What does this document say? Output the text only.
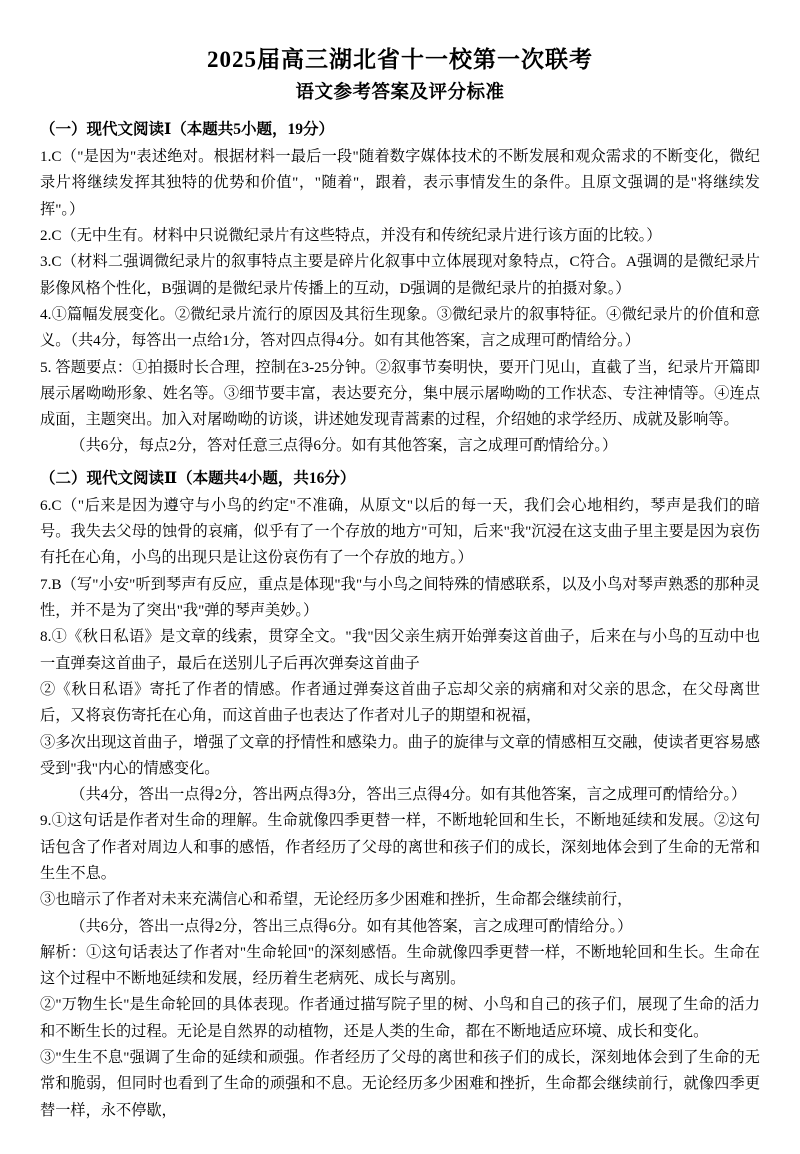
2025届高三湖北省十一校第一次联考
语文参考答案及评分标准

（一）现代文阅读Ⅰ（本题共5小题，19分）

1.C（"是因为"表述绝对。根据材料一最后一段"随着数字媒体技术的不断发展和观众需求的不断变化，微纪录片将继续发挥其独特的优势和价值"，"随着"，跟着，表示事情发生的条件。且原文强调的是"将继续发挥"。）

2.C（无中生有。材料中只说微纪录片有这些特点，并没有和传统纪录片进行该方面的比较。）

3.C（材料二强调微纪录片的叙事特点主要是碎片化叙事中立体展现对象特点，C符合。A强调的是微纪录片影像风格个性化，B强调的是微纪录片传播上的互动，D强调的是微纪录片的拍摄对象。）

4.①篇幅发展变化。②微纪录片流行的原因及其衍生现象。③微纪录片的叙事特征。④微纪录片的价值和意义。（共4分，每答出一点给1分，答对四点得4分。如有其他答案，言之成理可酌情给分。）

5. 答题要点：①拍摄时长合理，控制在3-25分钟。②叙事节奏明快，要开门见山，直截了当，纪录片开篇即展示屠呦呦形象、姓名等。③细节要丰富，表达要充分，集中展示屠呦呦的工作状态、专注神情等。④连点成面，主题突出。加入对屠呦呦的访谈，讲述她发现青蒿素的过程，介绍她的求学经历、成就及影响等。

（共6分，每点2分，答对任意三点得6分。如有其他答案，言之成理可酌情给分。）

（二）现代文阅读Ⅱ（本题共4小题，共16分）

6.C（"后来是因为遵守与小鸟的约定"不准确，从原文"以后的每一天，我们会心地相约，琴声是我们的暗号。我失去父母的蚀骨的哀痛，似乎有了一个存放的地方"可知，后来"我"沉浸在这支曲子里主要是因为哀伤有托在心角，小鸟的出现只是让这份哀伤有了一个存放的地方。）

7.B（写"小安"听到琴声有反应，重点是体现"我"与小鸟之间特殊的情感联系，以及小鸟对琴声熟悉的那种灵性，并不是为了突出"我"弹的琴声美妙。）

8.①《秋日私语》是文章的线索，贯穿全文。"我"因父亲生病开始弹奏这首曲子，后来在与小鸟的互动中也一直弹奏这首曲子，最后在送别儿子后再次弹奏这首曲子

②《秋日私语》寄托了作者的情感。作者通过弹奏这首曲子忘却父亲的病痛和对父亲的思念，在父母离世后，又将哀伤寄托在心角，而这首曲子也表达了作者对儿子的期望和祝福，

③多次出现这首曲子，增强了文章的抒情性和感染力。曲子的旋律与文章的情感相互交融，使读者更容易感受到"我"内心的情感变化。

（共4分，答出一点得2分，答出两点得3分，答出三点得4分。如有其他答案，言之成理可酌情给分。）

9.①这句话是作者对生命的理解。生命就像四季更替一样，不断地轮回和生长，不断地延续和发展。②这句话包含了作者对周边人和事的感悟，作者经历了父母的离世和孩子们的成长，深刻地体会到了生命的无常和生生不息。

③也暗示了作者对未来充满信心和希望，无论经历多少困难和挫折，生命都会继续前行，

（共6分，答出一点得2分，答出三点得6分。如有其他答案，言之成理可酌情给分。）

解析：①这句话表达了作者对"生命轮回"的深刻感悟。生命就像四季更替一样，不断地轮回和生长。生命在这个过程中不断地延续和发展，经历着生老病死、成长与离别。

②"万物生长"是生命轮回的具体表现。作者通过描写院子里的树、小鸟和自己的孩子们，展现了生命的活力和不断生长的过程。无论是自然界的动植物，还是人类的生命，都在不断地适应环境、成长和变化。

③"生生不息"强调了生命的延续和顽强。作者经历了父母的离世和孩子们的成长，深刻地体会到了生命的无常和脆弱，但同时也看到了生命的顽强和不息。无论经历多少困难和挫折，生命都会继续前行，就像四季更替一样，永不停歇，
